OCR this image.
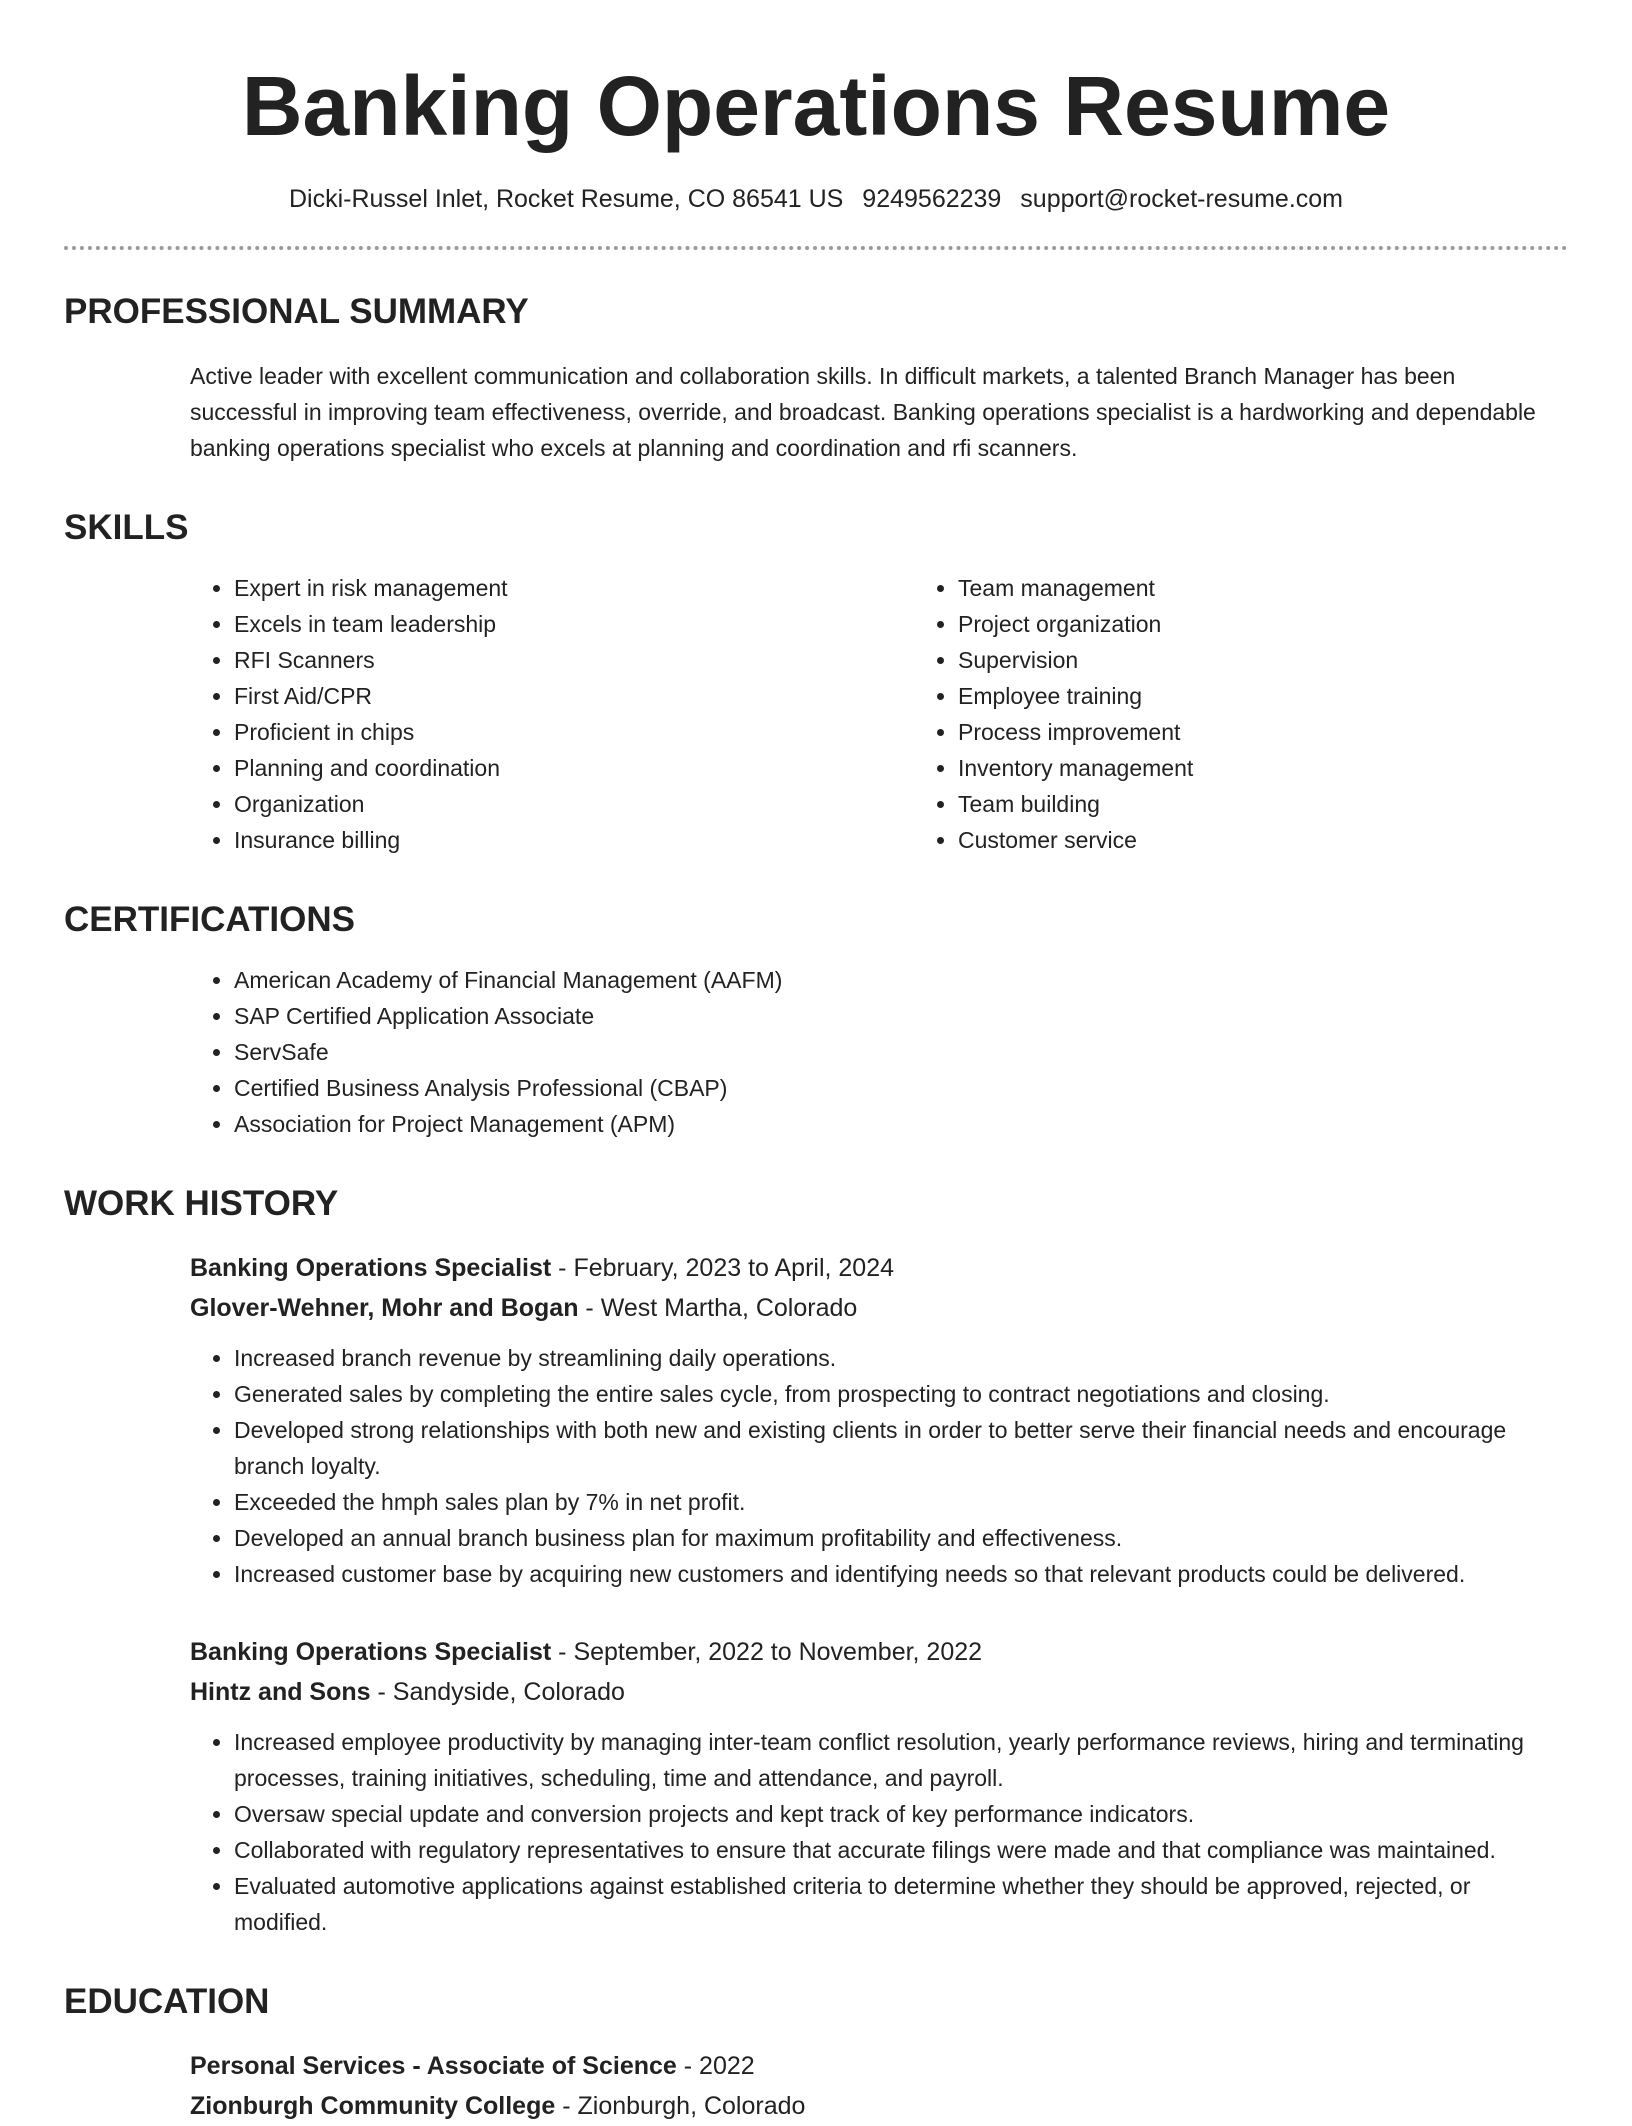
Banking Operations Resume
Dicki-Russel Inlet, Rocket Resume, CO 86541 US 9249562239 support@rocket-resume.com
PROFESSIONAL SUMMARY
Active leader with excellent communication and collaboration skills. In difficult markets, a talented Branch Manager has been successful in improving team effectiveness, override, and broadcast. Banking operations specialist is a hardworking and dependable banking operations specialist who excels at planning and coordination and rfi scanners.
SKILLS
• Expert in risk management
• Excels in team leadership
• RFI Scanners
• First Aid/CPR
• Proficient in chips
• Planning and coordination
• Organization
• Insurance billing
• Team management
• Project organization
• Supervision
• Employee training
• Process improvement
• Inventory management
• Team building
• Customer service
CERTIFICATIONS
• American Academy of Financial Management (AAFM)
• SAP Certified Application Associate
• ServSafe
• Certified Business Analysis Professional (CBAP)
• Association for Project Management (APM)
WORK HISTORY
Banking Operations Specialist - February, 2023 to April, 2024
Glover-Wehner, Mohr and Bogan - West Martha, Colorado
• Increased branch revenue by streamlining daily operations.
• Generated sales by completing the entire sales cycle, from prospecting to contract negotiations and closing.
• Developed strong relationships with both new and existing clients in order to better serve their financial needs and encourage branch loyalty.
• Exceeded the hmph sales plan by 7% in net profit.
• Developed an annual branch business plan for maximum profitability and effectiveness.
• Increased customer base by acquiring new customers and identifying needs so that relevant products could be delivered.
Banking Operations Specialist - September, 2022 to November, 2022
Hintz and Sons - Sandyside, Colorado
• Increased employee productivity by managing inter-team conflict resolution, yearly performance reviews, hiring and terminating processes, training initiatives, scheduling, time and attendance, and payroll.
• Oversaw special update and conversion projects and kept track of key performance indicators.
• Collaborated with regulatory representatives to ensure that accurate filings were made and that compliance was maintained.
• Evaluated automotive applications against established criteria to determine whether they should be approved, rejected, or modified.
EDUCATION
Personal Services - Associate of Science - 2022
Zionburgh Community College - Zionburgh, Colorado
